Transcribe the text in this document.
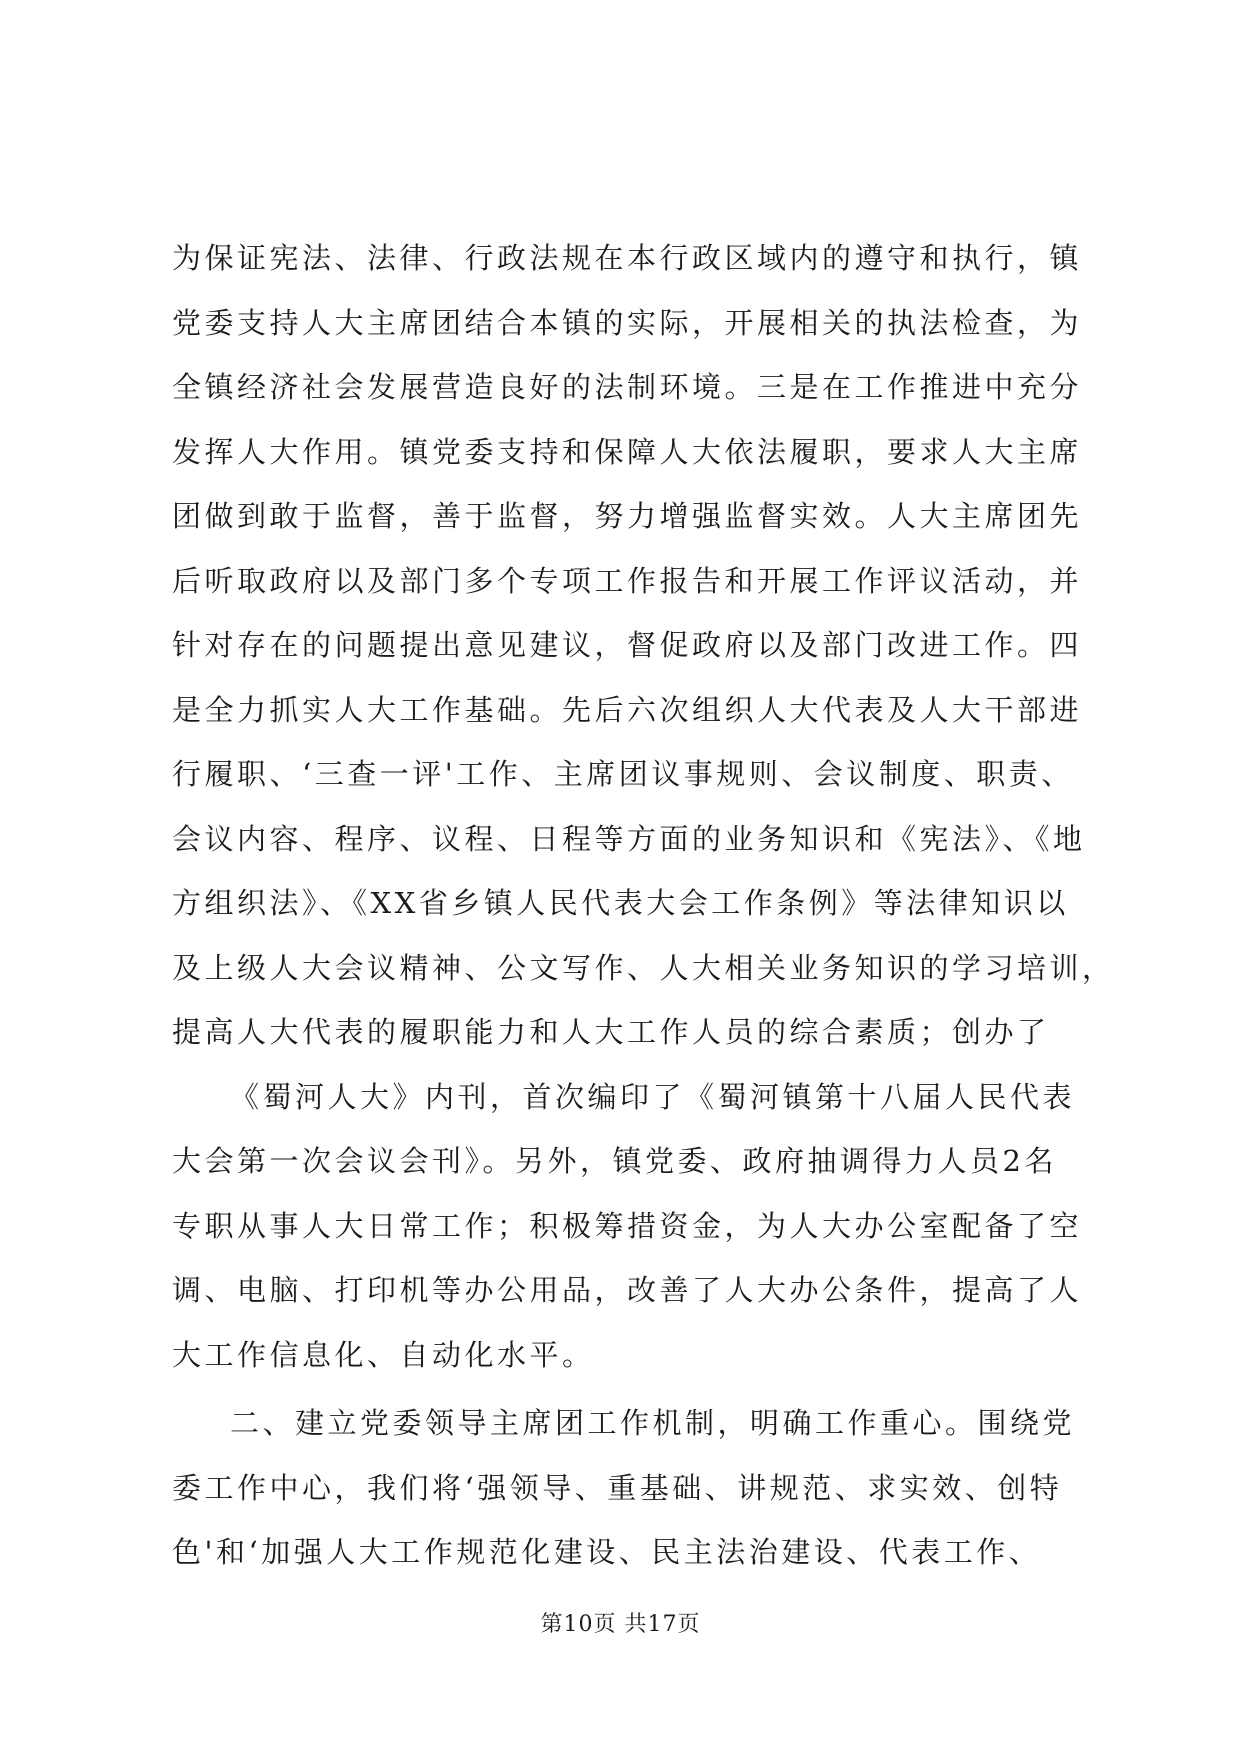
为保证宪法、法律、行政法规在本行政区域内的遵守和执行，镇
党委支持人大主席团结合本镇的实际，开展相关的执法检查，为
全镇经济社会发展营造良好的法制环境。三是在工作推进中充分
发挥人大作用。镇党委支持和保障人大依法履职，要求人大主席
团做到敢于监督，善于监督，努力增强监督实效。人大主席团先
后听取政府以及部门多个专项工作报告和开展工作评议活动，并
针对存在的问题提出意见建议，督促政府以及部门改进工作。四
是全力抓实人大工作基础。先后六次组织人大代表及人大干部进
行履职、‘三查一评'工作、主席团议事规则、会议制度、职责、
会议内容、程序、议程、日程等方面的业务知识和《宪法》、《地
方组织法》、《XX省乡镇人民代表大会工作条例》等法律知识以
及上级人大会议精神、公文写作、人大相关业务知识的学习培训，
提高人大代表的履职能力和人大工作人员的综合素质；创办了
《蜀河人大》内刊，首次编印了《蜀河镇第十八届人民代表
大会第一次会议会刊》。另外，镇党委、政府抽调得力人员2名
专职从事人大日常工作；积极筹措资金，为人大办公室配备了空
调、电脑、打印机等办公用品，改善了人大办公条件，提高了人
大工作信息化、自动化水平。
二、建立党委领导主席团工作机制，明确工作重心。围绕党
委工作中心，我们将‘强领导、重基础、讲规范、求实效、创特
色'和‘加强人大工作规范化建设、民主法治建设、代表工作、
第10页 共17页
